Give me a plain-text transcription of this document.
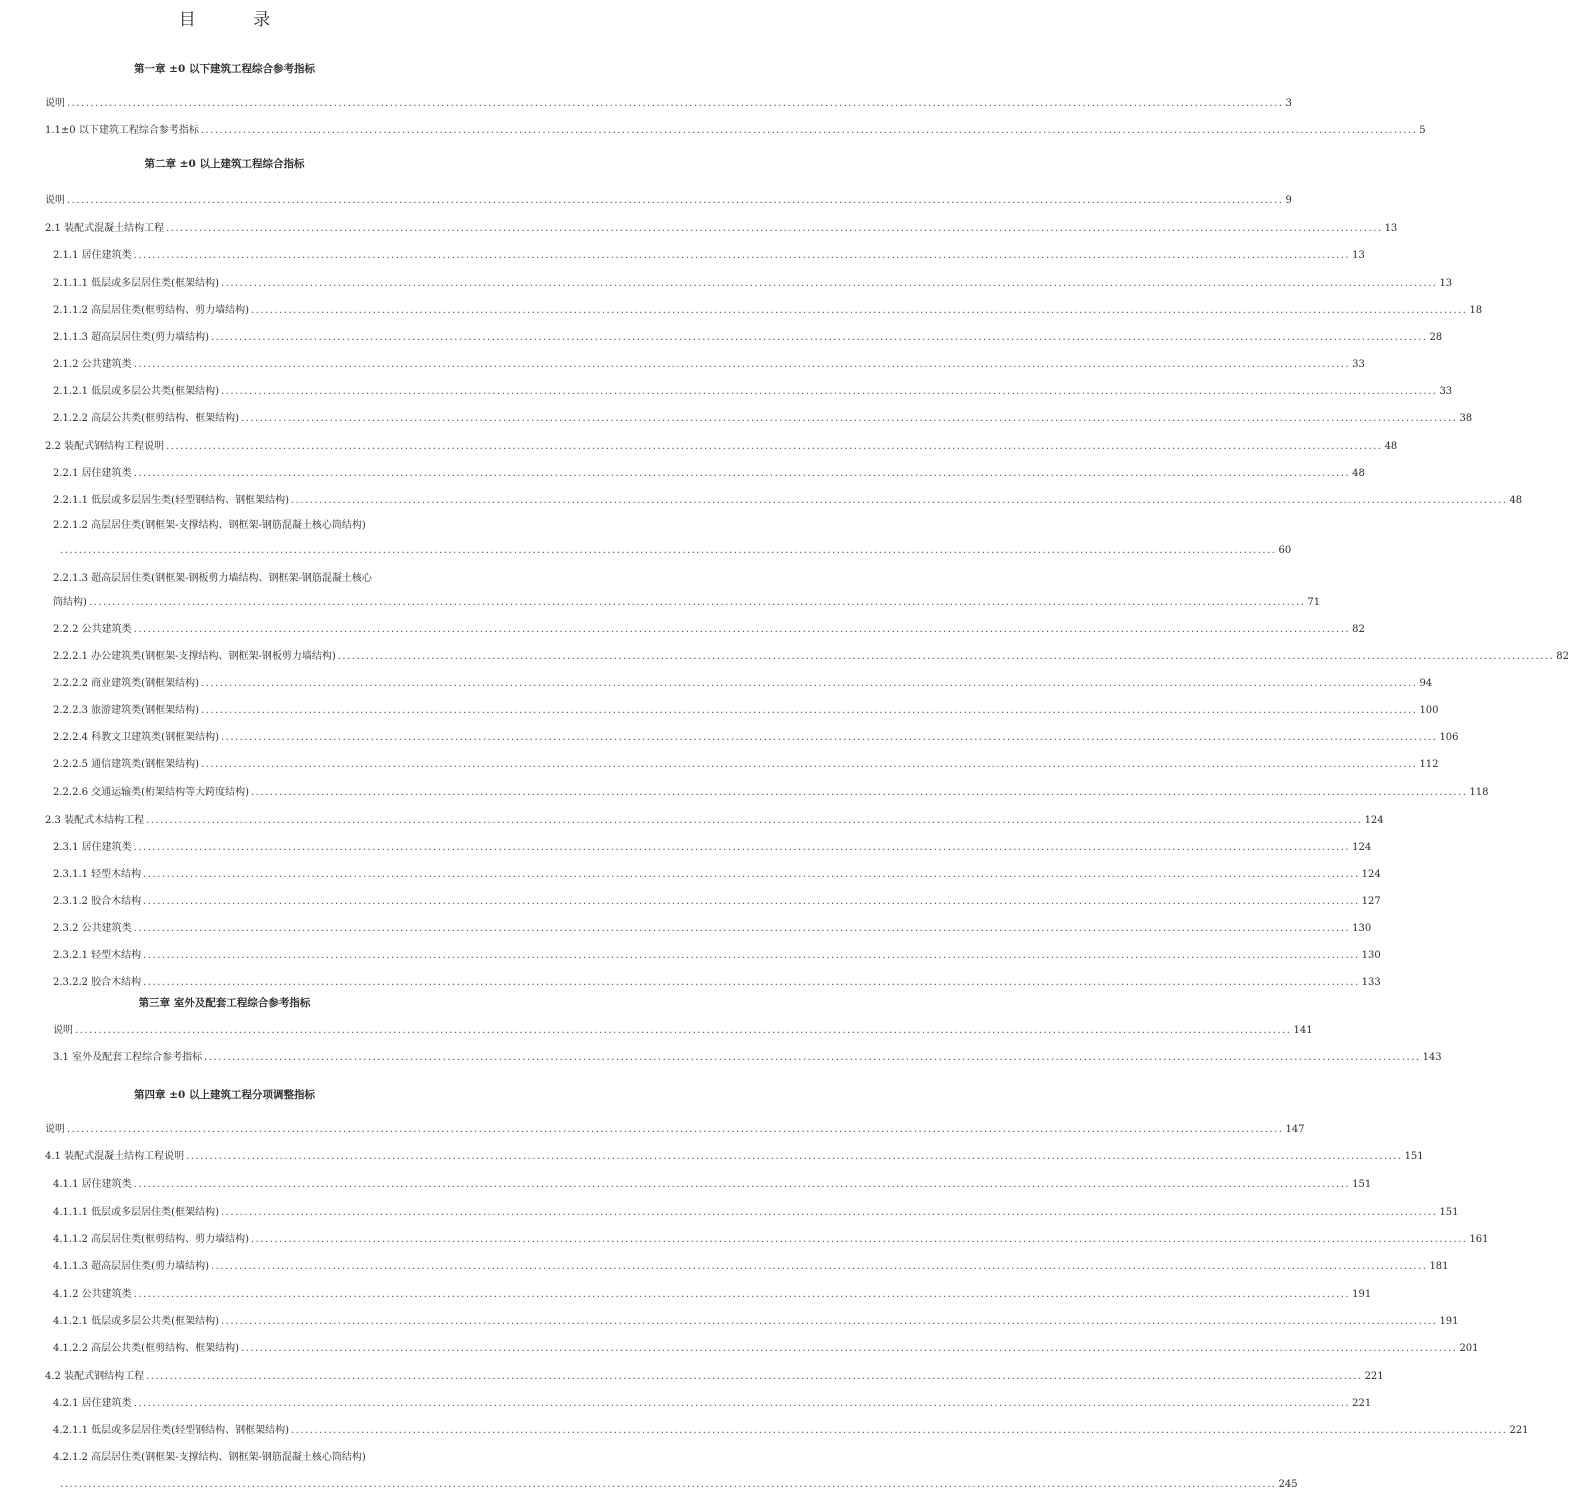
目 录
第一章 ±0 以下建筑工程综合参考指标
说明 .................................................................................................................................................................................................................................................................... 3
1.1±0 以下建筑工程综合参考指标 .................................................................................................................................................................................................................................................................... 5
第二章 ±0 以上建筑工程综合指标
说明 .................................................................................................................................................................................................................................................................... 9
2.1 装配式混凝土结构工程 .................................................................................................................................................................................................................................................................... 13
2.1.1 居住建筑类 .................................................................................................................................................................................................................................................................... 13
2.1.1.1 低层或多层居住类(框架结构) .................................................................................................................................................................................................................................................................... 13
2.1.1.2 高层居住类(框剪结构、剪力墙结构) .................................................................................................................................................................................................................................................................... 18
2.1.1.3 超高层居住类(剪力墙结构) .................................................................................................................................................................................................................................................................... 28
2.1.2 公共建筑类 .................................................................................................................................................................................................................................................................... 33
2.1.2.1 低层或多层公共类(框架结构) .................................................................................................................................................................................................................................................................... 33
2.1.2.2 高层公共类(框剪结构、框架结构) .................................................................................................................................................................................................................................................................... 38
2.2 装配式钢结构工程说明 .................................................................................................................................................................................................................................................................... 48
2.2.1 居住建筑类 .................................................................................................................................................................................................................................................................... 48
2.2.1.1 低层或多层居生类(轻型钢结构、钢框架结构) .................................................................................................................................................................................................................................................................... 48
2.2.1.2 高层居住类(钢框架-支撑结构、钢框架-钢筋混凝土核心筒结构)
.................................................................................................................................................................................................................................................................... 60
2.2.1.3 超高层居住类(钢框架-钢板剪力墙结构、钢框架-钢筋混凝土核心
筒结构) .................................................................................................................................................................................................................................................................... 71
2.2.2 公共建筑类 .................................................................................................................................................................................................................................................................... 82
2.2.2.1 办公建筑类(钢框架-支撑结构、钢框架-钢板剪力墙结构) .................................................................................................................................................................................................................................................................... 82
2.2.2.2 商业建筑类(钢框架结构) .................................................................................................................................................................................................................................................................... 94
2.2.2.3 旅游建筑类(钢框架结构) .................................................................................................................................................................................................................................................................... 100
2.2.2.4 科教文卫建筑类(钢框架结构) .................................................................................................................................................................................................................................................................... 106
2.2.2.5 通信建筑类(钢框架结构) .................................................................................................................................................................................................................................................................... 112
2.2.2.6 交通运输类(桁架结构等大跨度结构) .................................................................................................................................................................................................................................................................... 118
2.3 装配式木结构工程 .................................................................................................................................................................................................................................................................... 124
2.3.1 居住建筑类 .................................................................................................................................................................................................................................................................... 124
2.3.1.1 轻型木结构 .................................................................................................................................................................................................................................................................... 124
2.3.1.2 胶合木结构 .................................................................................................................................................................................................................................................................... 127
2.3.2 公共建筑类 .................................................................................................................................................................................................................................................................... 130
2.3.2.1 轻型木结构 .................................................................................................................................................................................................................................................................... 130
2.3.2.2 胶合木结构 .................................................................................................................................................................................................................................................................... 133
第三章 室外及配套工程综合参考指标
说明 .................................................................................................................................................................................................................................................................... 141
3.1 室外及配套工程综合参考指标 .................................................................................................................................................................................................................................................................... 143
第四章 ±0 以上建筑工程分项调整指标
说明 .................................................................................................................................................................................................................................................................... 147
4.1 装配式混凝土结构工程说明 .................................................................................................................................................................................................................................................................... 151
4.1.1 居住建筑类 .................................................................................................................................................................................................................................................................... 151
4.1.1.1 低层或多层居住类(框架结构) .................................................................................................................................................................................................................................................................... 151
4.1.1.2 高层居住类(框剪结构、剪力墙结构) .................................................................................................................................................................................................................................................................... 161
4.1.1.3 超高层居住类(剪力墙结构) .................................................................................................................................................................................................................................................................... 181
4.1.2 公共建筑类 .................................................................................................................................................................................................................................................................... 191
4.1.2.1 低层或多层公共类(框架结构) .................................................................................................................................................................................................................................................................... 191
4.1.2.2 高层公共类(框剪结构、框架结构) .................................................................................................................................................................................................................................................................... 201
4.2 装配式钢结构工程 .................................................................................................................................................................................................................................................................... 221
4.2.1 居住建筑类 .................................................................................................................................................................................................................................................................... 221
4.2.1.1 低层或多层居住类(轻型钢结构、钢框架结构) .................................................................................................................................................................................................................................................................... 221
4.2.1.2 高层居住类(钢框架-支撑结构、钢框架-钢筋混凝土核心筒结构)
.................................................................................................................................................................................................................................................................... 245
